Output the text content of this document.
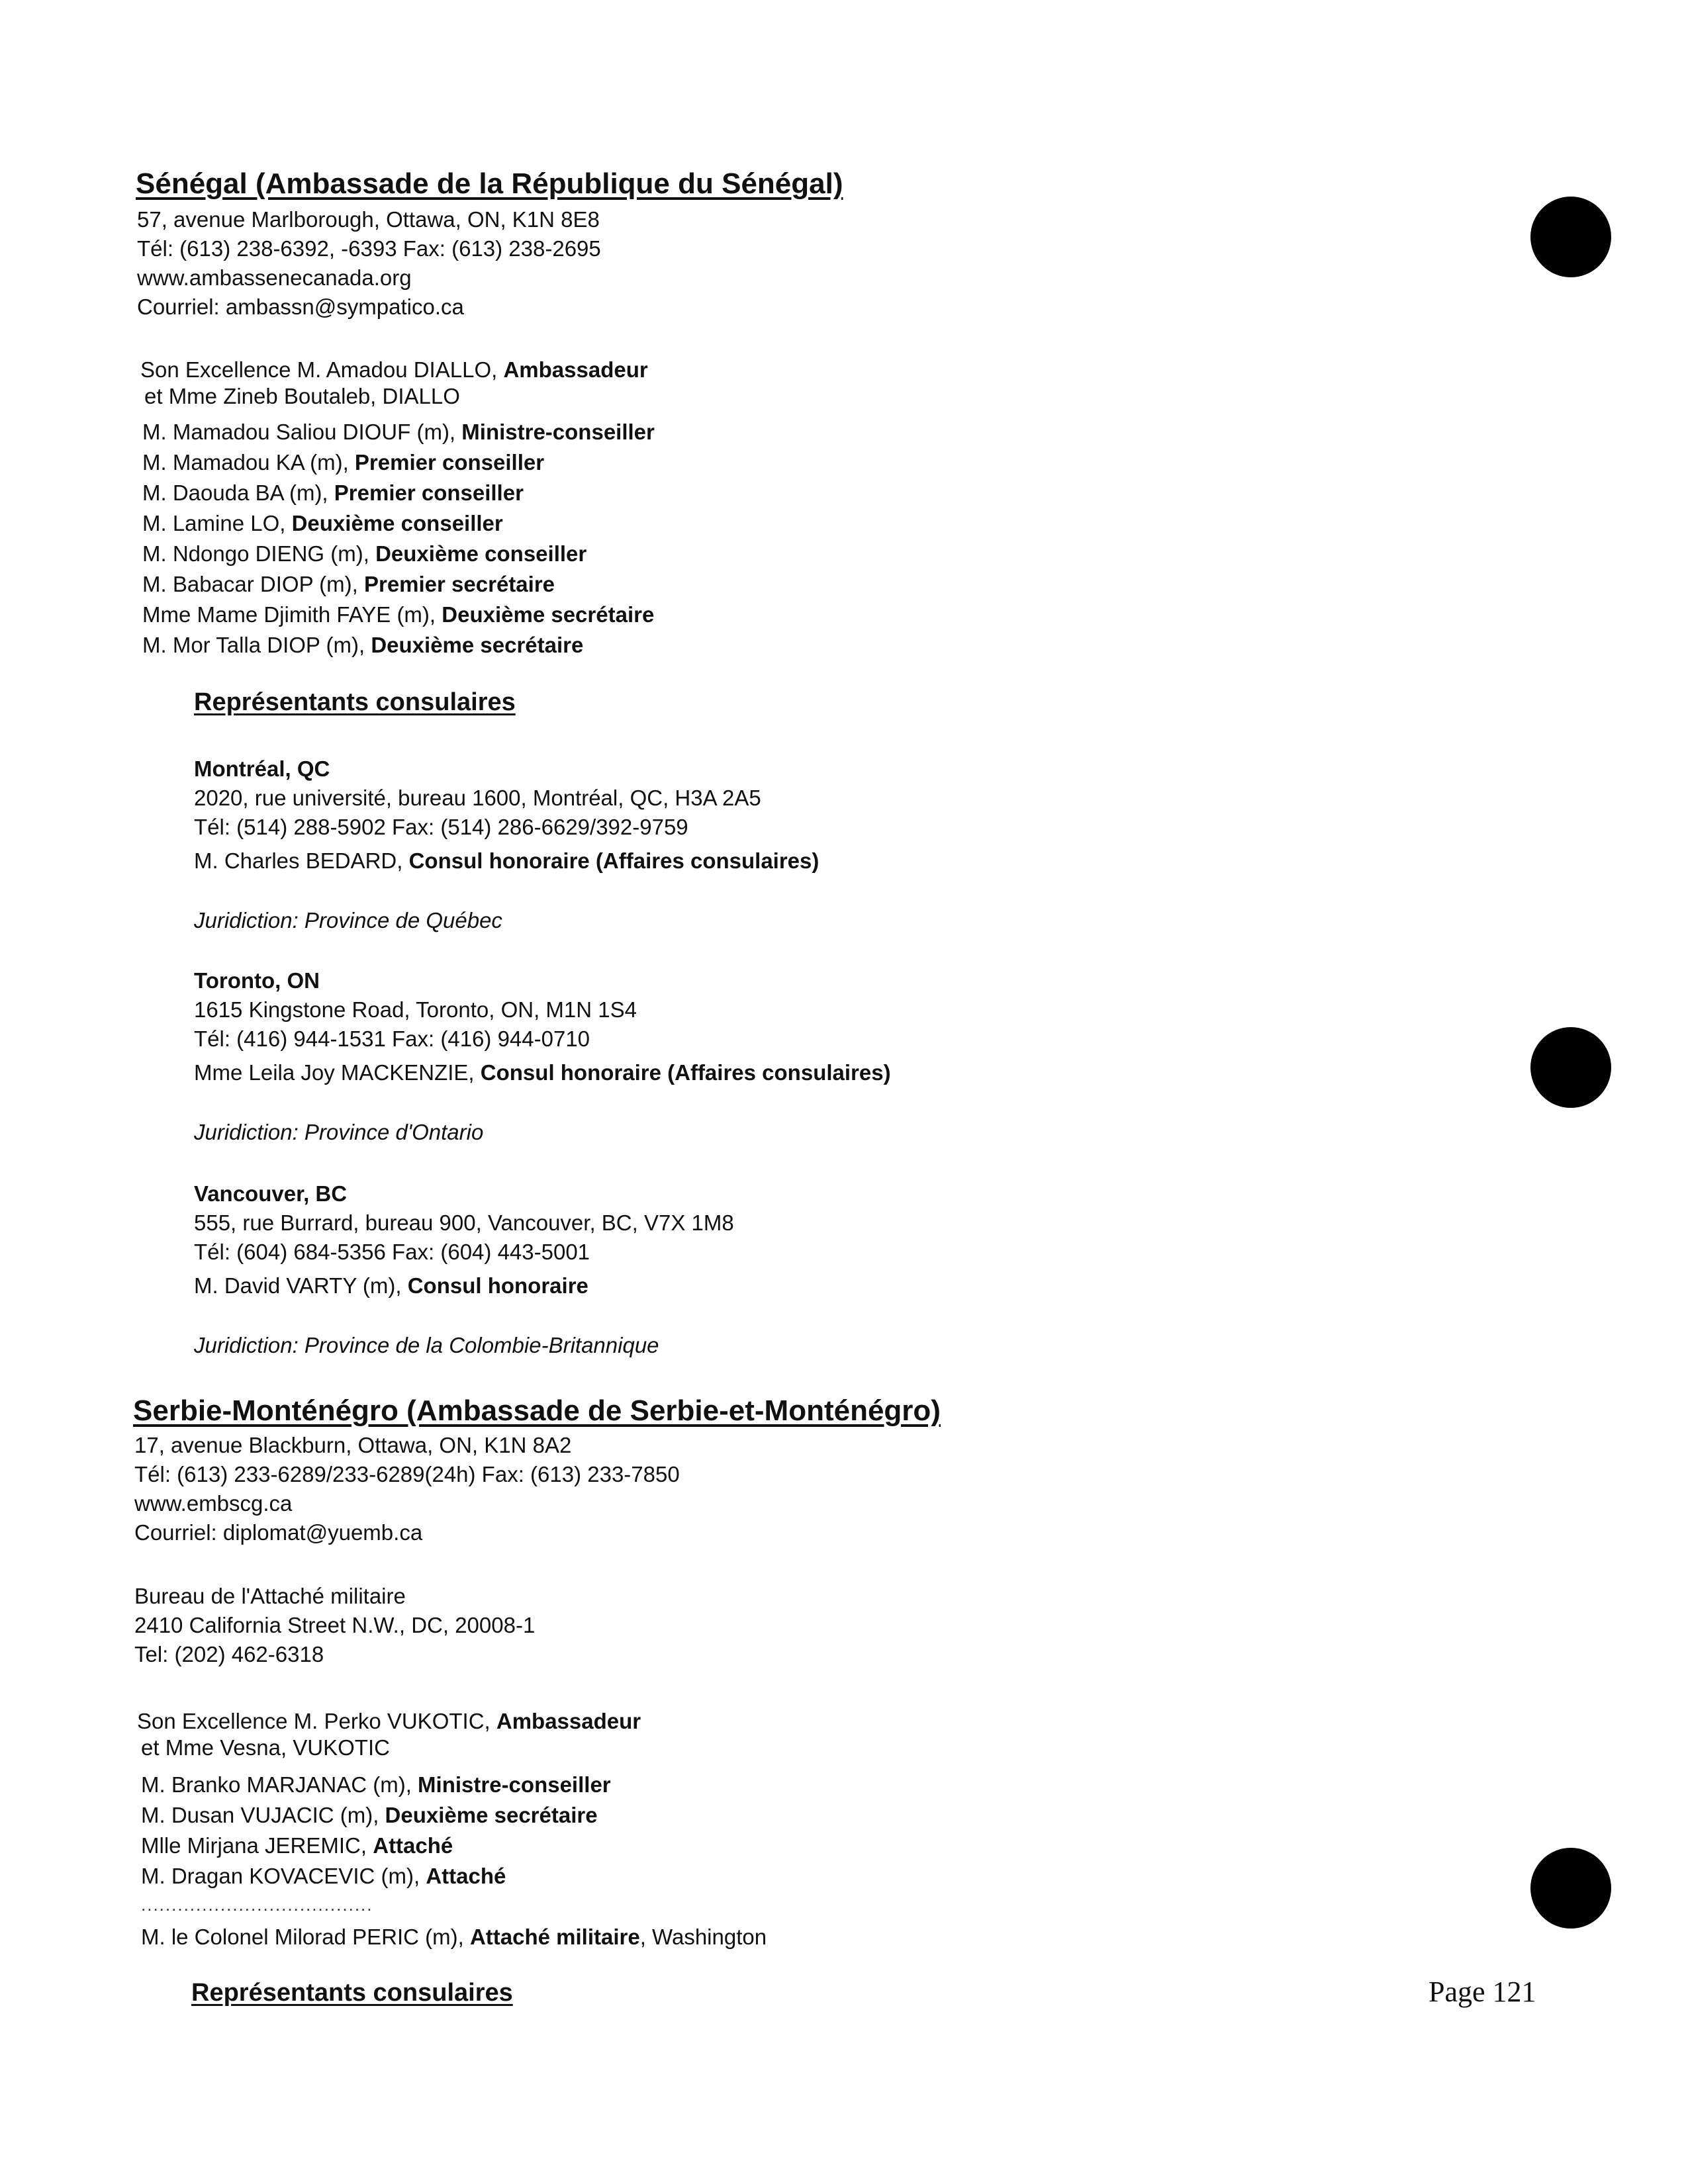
Sénégal (Ambassade de la République du Sénégal)
57, avenue Marlborough, Ottawa, ON, K1N 8E8
Tél: (613) 238-6392, -6393 Fax: (613) 238-2695
www.ambassenecanada.org
Courriel: ambassn@sympatico.ca
Son Excellence M. Amadou DIALLO, Ambassadeur
et Mme Zineb Boutaleb, DIALLO
M. Mamadou Saliou DIOUF (m), Ministre-conseiller
M. Mamadou KA (m), Premier conseiller
M. Daouda BA (m), Premier conseiller
M. Lamine LO, Deuxième conseiller
M. Ndongo DIENG (m), Deuxième conseiller
M. Babacar DIOP (m), Premier secrétaire
Mme Mame Djimith FAYE (m), Deuxième secrétaire
M. Mor Talla DIOP (m), Deuxième secrétaire
Représentants consulaires
Montréal, QC
2020, rue université, bureau 1600, Montréal, QC, H3A 2A5
Tél: (514) 288-5902 Fax: (514) 286-6629/392-9759
M. Charles BEDARD, Consul honoraire (Affaires consulaires)
Juridiction: Province de Québec
Toronto, ON
1615 Kingstone Road, Toronto, ON, M1N 1S4
Tél: (416) 944-1531 Fax: (416) 944-0710
Mme Leila Joy MACKENZIE, Consul honoraire (Affaires consulaires)
Juridiction: Province d'Ontario
Vancouver, BC
555, rue Burrard, bureau 900, Vancouver, BC, V7X 1M8
Tél: (604) 684-5356 Fax: (604) 443-5001
M. David VARTY (m), Consul honoraire
Juridiction: Province de la Colombie-Britannique
Serbie-Monténégro (Ambassade de Serbie-et-Monténégro)
17, avenue Blackburn, Ottawa, ON, K1N 8A2
Tél: (613) 233-6289/233-6289(24h) Fax: (613) 233-7850
www.embscg.ca
Courriel: diplomat@yuemb.ca
Bureau de l'Attaché militaire
2410 California Street N.W., DC, 20008-1
Tel: (202) 462-6318
Son Excellence M. Perko VUKOTIC, Ambassadeur
et Mme Vesna, VUKOTIC
M. Branko MARJANAC (m), Ministre-conseiller
M. Dusan VUJACIC (m), Deuxième secrétaire
Mlle Mirjana JEREMIC, Attaché
M. Dragan KOVACEVIC (m), Attaché
......................................
M. le Colonel Milorad PERIC (m), Attaché militaire, Washington
Représentants consulaires	Page 121
